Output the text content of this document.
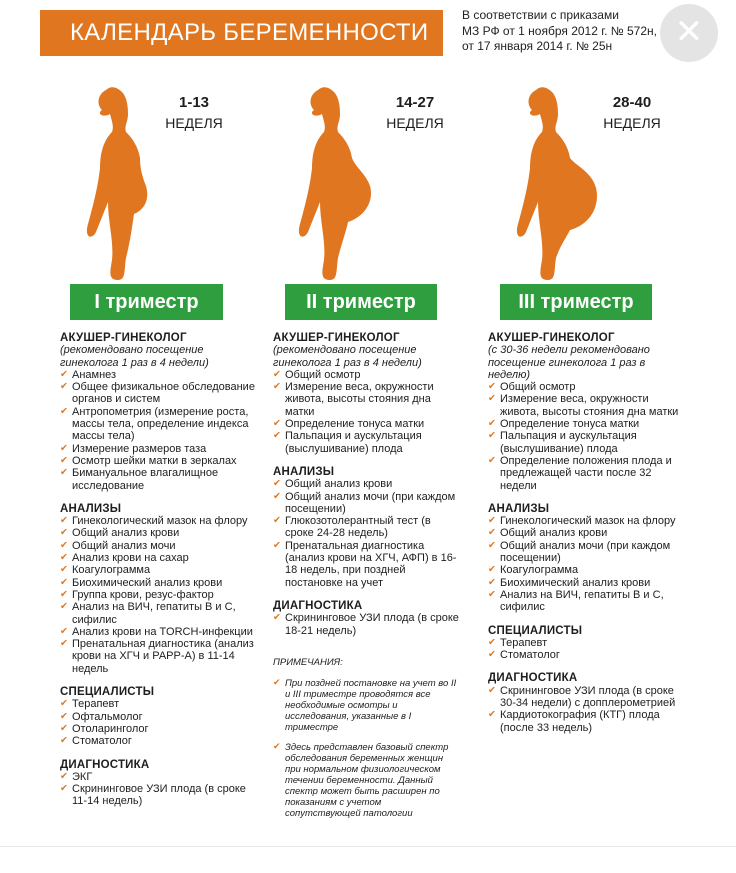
КАЛЕНДАРЬ БЕРЕМЕННОСТИ
В соответствии с приказами
МЗ РФ от 1 ноября 2012 г. № 572н,
от 17 января 2014 г. № 25н	✕
1-13
НЕДЕЛЯ
I триместр
14-27
НЕДЕЛЯ
II триместр
28-40
НЕДЕЛЯ
III триместр
АКУШЕР-ГИНЕКОЛОГ
(рекомендовано посещение гинеколога 1 раз в 4 недели)
✔ Анамнез
✔ Общее физикальное обследование органов и систем
✔ Антропометрия (измерение роста, массы тела, определение индекса массы тела)
✔ Измерение размеров таза
✔ Осмотр шейки матки в зеркалах
✔ Бимануальное влагалищное исследование
АНАЛИЗЫ
✔ Гинекологический мазок на флору
✔ Общий анализ крови
✔ Общий анализ мочи
✔ Анализ крови на сахар
✔ Коагулограмма
✔ Биохимический анализ крови
✔ Группа крови, резус-фактор
✔ Анализ на ВИЧ, гепатиты В и С, сифилис
✔ Анализ крови на TORCH-инфекции
✔ Пренатальная диагностика (анализ крови на ХГЧ и РАРР-А) в 11-14 недель
СПЕЦИАЛИСТЫ
✔ Терапевт
✔ Офтальмолог
✔ Отоларинголог
✔ Стоматолог
ДИАГНОСТИКА
✔ ЭКГ
✔ Скрининговое УЗИ плода (в сроке 11-14 недель)
АКУШЕР-ГИНЕКОЛОГ
(рекомендовано посещение гинеколога 1 раз в 4 недели)
✔ Общий осмотр
✔ Измерение веса, окружности живота, высоты стояния дна матки
✔ Определение тонуса матки
✔ Пальпация и аускультация (выслушивание) плода
АНАЛИЗЫ
✔ Общий анализ крови
✔ Общий анализ мочи (при каждом посещении)
✔ Глюкозотолерантный тест (в сроке 24-28 недель)
✔ Пренатальная диагностика (анализ крови на ХГЧ, АФП) в 16-18 недель, при поздней постановке на учет
ДИАГНОСТИКА
✔ Скрининговое УЗИ плода (в сроке 18-21 недель)
ПРИМЕЧАНИЯ:
✔ При поздней постановке на учет во II и III триместре проводятся все необходимые осмотры и исследования, указанные в I триместре
✔ Здесь представлен базовый спектр обследования беременных женщин при нормальном физиологическом течении беременности. Данный спектр может быть расширен по показаниям с учетом сопутствующей патологии
АКУШЕР-ГИНЕКОЛОГ
(с 30-36 недели рекомендовано посещение гинеколога 1 раз в неделю)
✔ Общий осмотр
✔ Измерение веса, окружности живота, высоты стояния дна матки
✔ Определение тонуса матки
✔ Пальпация и аускультация (выслушивание) плода
✔ Определение положения плода и предлежащей части после 32 недели
АНАЛИЗЫ
✔ Гинекологический мазок на флору
✔ Общий анализ крови
✔ Общий анализ мочи (при каждом посещении)
✔ Коагулограмма
✔ Биохимический анализ крови
✔ Анализ на ВИЧ, гепатиты В и С, сифилис
СПЕЦИАЛИСТЫ
✔ Терапевт
✔ Стоматолог
ДИАГНОСТИКА
✔ Скрининговое УЗИ плода (в сроке 30-34 недели) с допплерометрией
✔ Кардиотокография (КТГ) плода (после 33 недель)
